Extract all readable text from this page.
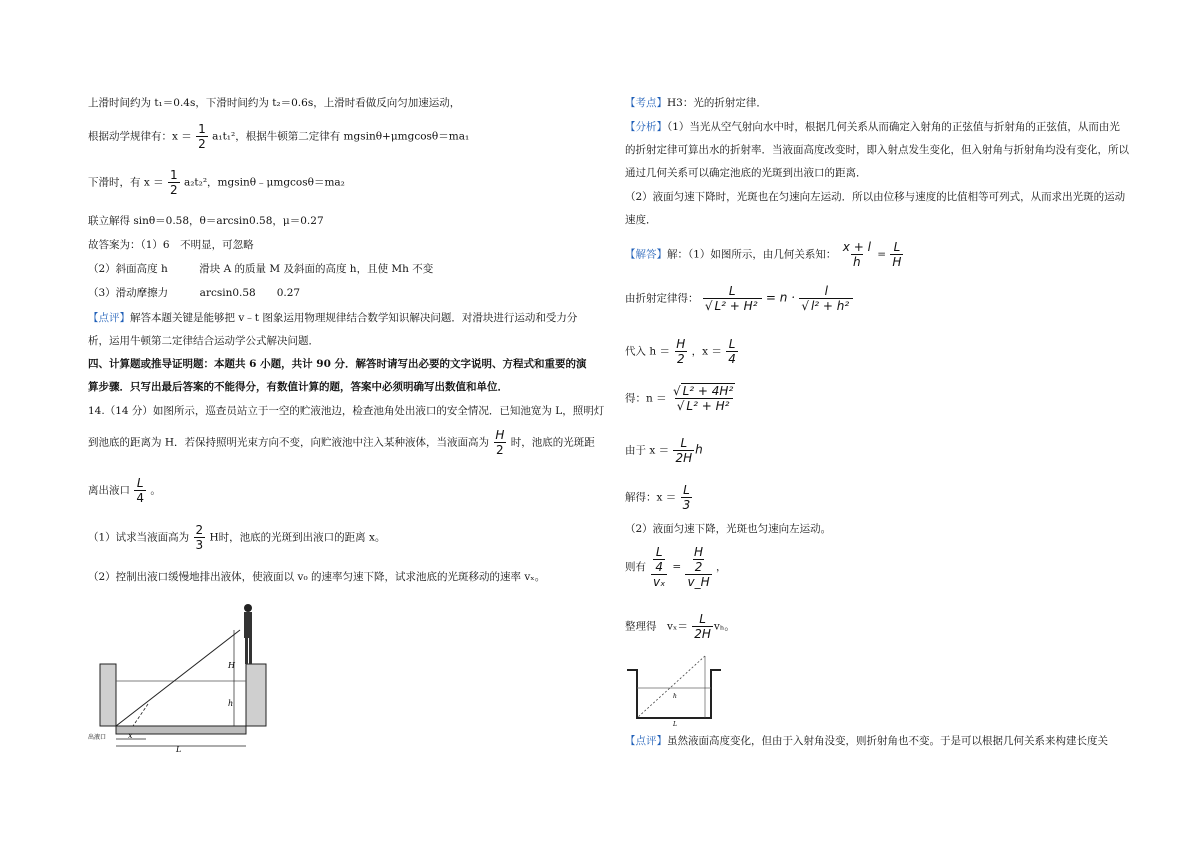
上滑时间约为 t₁＝0.4s，下滑时间约为 t₂＝0.6s，上滑时看做反向匀加速运动，
根据动学规律有：$x = \frac{1}{2} a_1t_1^2$，根据牛顿第二定律有 mgsinθ+μmgcosθ＝ma₁
下滑时，有 $x = \frac{1}{2} a_2t_2^2$，mgsinθ﹣μmgcosθ＝ma₂
联立解得 sinθ＝0.58，θ＝arcsin0.58，μ＝0.27
故答案为：（1）6　不明显，可忽略
（2）斜面高度 h　　　滑块 A 的质量 M 及斜面的高度 h，且使 Mh 不变
（3）滑动摩擦力　　　arcsin0.58　　0.27
【点评】解答本题关键是能够把 v﹣t 图象运用物理规律结合数学知识解决问题．对滑块进行运动和受力分析，运用牛顿第二定律结合运动学公式解决问题．
四、计算题或推导证明题：本题共 6 小题，共计 90 分．解答时请写出必要的文字说明、方程式和重要的演算步骤．只写出最后答案的不能得分，有数值计算的题，答案中必须明确写出数值和单位．
14.（14 分）如图所示，巡查员站立于一空的贮液池边，检查池角处出液口的安全情况．已知池宽为 L，照明灯
到池底的距离为 H．若保持照明光束方向不变，向贮液池中注入某种液体，当液面高为 $\frac{H}{2}$ 时，池底的光斑距
离出液口 $\frac{L}{4}$ 。
（1）试求当液面高为 $\frac{2}{3}$ H时，池底的光斑到出液口的距离 x。
（2）控制出液口缓慢地排出液体，使液面以 v₀ 的速率匀速下降，试求池底的光斑移动的速率 vₓ。
H
h
L
x
出液口
【考点】H3：光的折射定律．
【分析】（1）当光从空气射向水中时，根据几何关系从而确定入射角的正弦值与折射角的正弦值，从而由光的折射定律可算出水的折射率．当液面高度改变时，即入射点发生变化，但入射角与折射角均没有变化，所以通过几何关系可以确定池底的光斑到出液口的距离．
（2）液面匀速下降时，光斑也在匀速向左运动．所以由位移与速度的比值相等可列式，从而求出光斑的运动速度．
【解答】解：（1）如图所示，由几何关系知： $\frac{x + l}{h} = \frac{L}{H}$
由折射定律得： $\frac{L}{\text{√ L² + H²}} = n \cdot \frac{l}{\text{√ l² + h²}}$
代入 $h = \frac{H}{2}$ ，$x = \frac{L}{4}$
得：$n = \frac{\text{√ L² + 4H²}}{\text{√ L² + H²}}$
由于 $x = \frac{L}{2H}$ h
解得：$x = \frac{L}{3}$
（2）液面匀速下降，光斑也匀速向左运动。
则有 $\frac{\frac{L}{4}}{\text{vₓ}} = \frac{\frac{H}{2}}{v\_H}$ ，
整理得　$v_x= \frac{L}{2H}$ vₕ。
h
L
【点评】虽然液面高度变化，但由于入射角没变，则折射角也不变。于是可以根据几何关系来构建长度关
